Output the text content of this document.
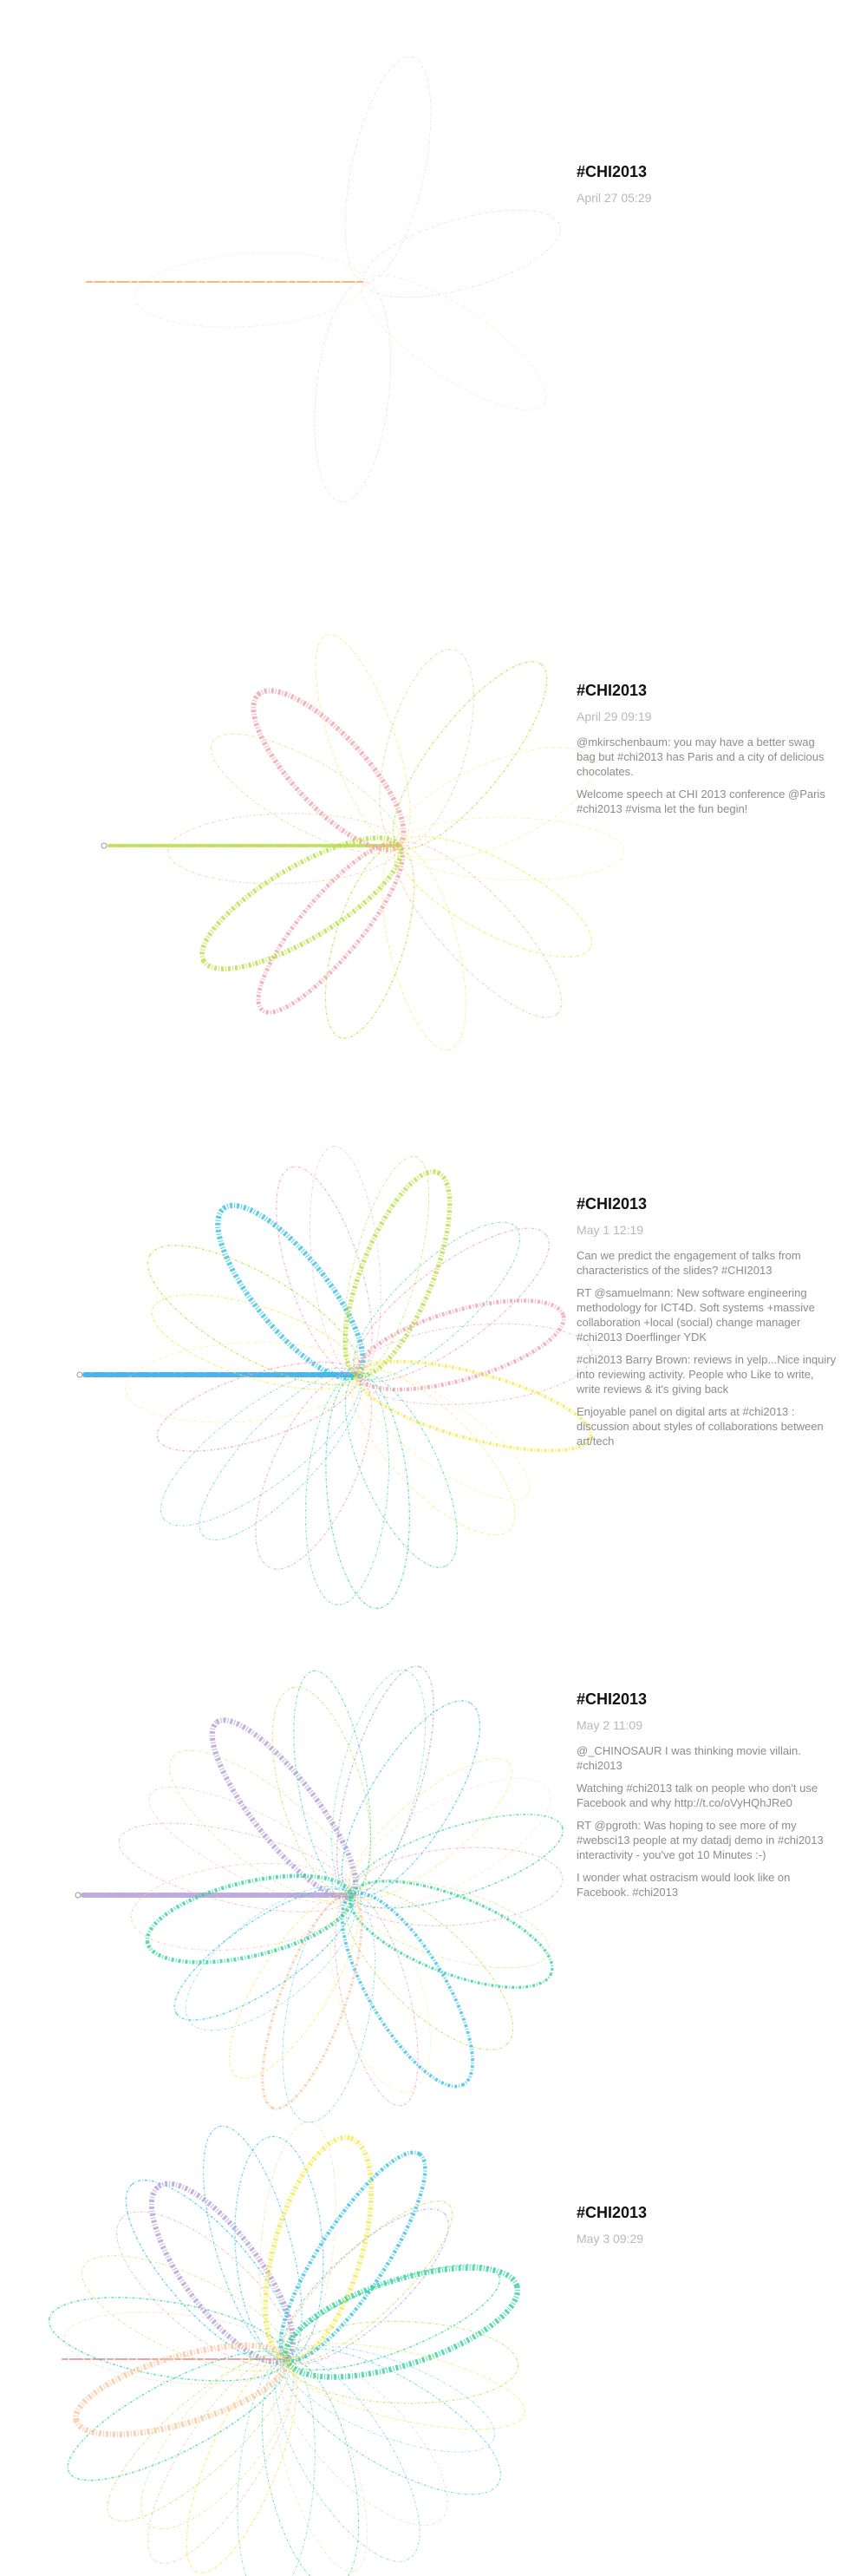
#CHI2013
April 27 05:29
#CHI2013
April 29 09:19
@mkirschenbaum: you may have a better swag bag but #chi2013 has Paris and a city of delicious chocolates.
Welcome speech at CHI 2013 conference @Paris #chi2013 #visma let the fun begin!
#CHI2013
May 1 12:19
Can we predict the engagement of talks from characteristics of the slides? #CHI2013
RT @samuelmann: New software engineering methodology for ICT4D. Soft systems +massive collaboration +local (social) change manager #chi2013 Doerflinger YDK
#chi2013 Barry Brown: reviews in yelp...Nice inquiry into reviewing activity. People who Like to write, write reviews & it's giving back
Enjoyable panel on digital arts at #chi2013 : discussion about styles of collaborations between art/tech
#CHI2013
May 2 11:09
@_CHINOSAUR I was thinking movie villain. #chi2013
Watching #chi2013 talk on people who don't use Facebook and why http://t.co/oVyHQhJRe0
RT @pgroth: Was hoping to see more of my #websci13 people at my datadj demo in #chi2013 interactivity - you've got 10 Minutes :-)
I wonder what ostracism would look like on Facebook. #chi2013
#CHI2013
May 3 09:29
